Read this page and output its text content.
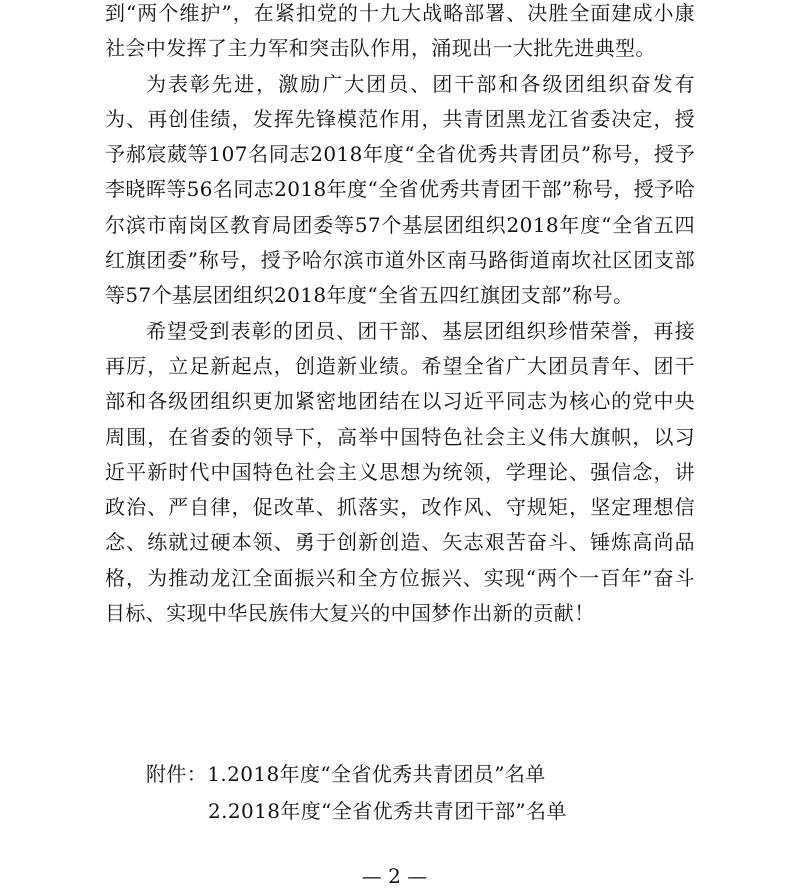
到“两个维护”，在紧扣党的十九大战略部署、决胜全面建成小康社会中发挥了主力军和突击队作用，涌现出一大批先进典型。

为表彰先进，激励广大团员、团干部和各级团组织奋发有为、再创佳绩，发挥先锋模范作用，共青团黑龙江省委决定，授予郝宸葳等107名同志2018年度“全省优秀共青团员”称号，授予李晓晖等56名同志2018年度“全省优秀共青团干部”称号，授予哈尔滨市南岗区教育局团委等57个基层团组织2018年度“全省五四红旗团委”称号，授予哈尔滨市道外区南马路街道南坎社区团支部等57个基层团组织2018年度“全省五四红旗团支部”称号。

希望受到表彰的团员、团干部、基层团组织珍惜荣誉，再接再厉，立足新起点，创造新业绩。希望全省广大团员青年、团干部和各级团组织更加紧密地团结在以习近平同志为核心的党中央周围，在省委的领导下，高举中国特色社会主义伟大旗帜，以习近平新时代中国特色社会主义思想为统领，学理论、强信念，讲政治、严自律，促改革、抓落实，改作风、守规矩，坚定理想信念、练就过硬本领、勇于创新创造、矢志艰苦奋斗、锤炼高尚品格，为推动龙江全面振兴和全方位振兴、实现“两个一百年”奋斗目标、实现中华民族伟大复兴的中国梦作出新的贡献！

附件：1.2018年度“全省优秀共青团员”名单

2.2018年度“全省优秀共青团干部”名单

— 2 —
